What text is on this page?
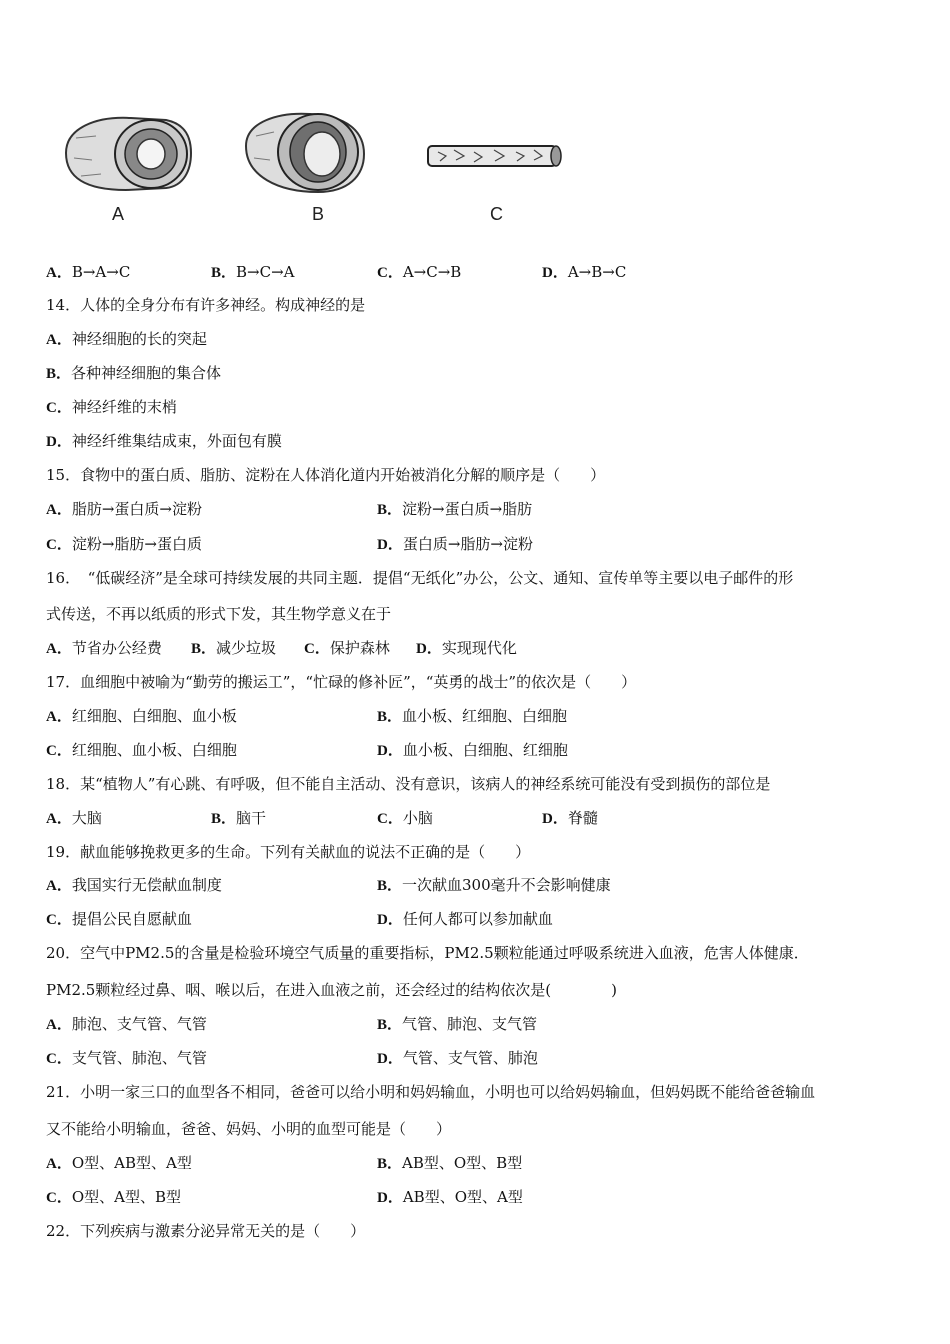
A	B	C
A．B→A→C	B．B→C→A	C．A→C→B	D．A→B→C
14．人体的全身分布有许多神经。构成神经的是
A．神经细胞的长的突起
B．各种神经细胞的集合体
C．神经纤维的末梢
D．神经纤维集结成束，外面包有膜
15．食物中的蛋白质、脂肪、淀粉在人体消化道内开始被消化分解的顺序是（　　）
A．脂肪→蛋白质→淀粉	B．淀粉→蛋白质→脂肪
C．淀粉→脂肪→蛋白质	D．蛋白质→脂肪→淀粉
16．　“低碳经济”是全球可持续发展的共同主题．提倡“无纸化”办公，公文、通知、宣传单等主要以电子邮件的形
式传送，不再以纸质的形式下发，其生物学意义在于
A．节省办公经费 B．减少垃圾 C．保护森林 D．实现现代化
17．血细胞中被喻为“勤劳的搬运工”，“忙碌的修补匠”，“英勇的战士”的依次是（　　）
A．红细胞、白细胞、血小板	B．血小板、红细胞、白细胞
C．红细胞、血小板、白细胞	D．血小板、白细胞、红细胞
18．某“植物人”有心跳、有呼吸，但不能自主活动、没有意识，该病人的神经系统可能没有受到损伤的部位是
A．大脑	B．脑干	C．小脑	D．脊髓
19．献血能够挽救更多的生命。下列有关献血的说法不正确的是（　　）
A．我国实行无偿献血制度	B．一次献血300毫升不会影响健康
C．提倡公民自愿献血	D．任何人都可以参加献血
20．空气中PM2.5的含量是检验环境空气质量的重要指标，PM2.5颗粒能通过呼吸系统进入血液，危害人体健康．
PM2.5颗粒经过鼻、咽、喉以后，在进入血液之前，还会经过的结构依次是(　　　　)
A．肺泡、支气管、气管	B．气管、肺泡、支气管
C．支气管、肺泡、气管	D．气管、支气管、肺泡
21．小明一家三口的血型各不相同，爸爸可以给小明和妈妈输血，小明也可以给妈妈输血，但妈妈既不能给爸爸输血
又不能给小明输血，爸爸、妈妈、小明的血型可能是（　　）
A．O型、AB型、A型	B．AB型、O型、B型
C．O型、A型、B型	D．AB型、O型、A型
22．下列疾病与激素分泌异常无关的是（　　）
